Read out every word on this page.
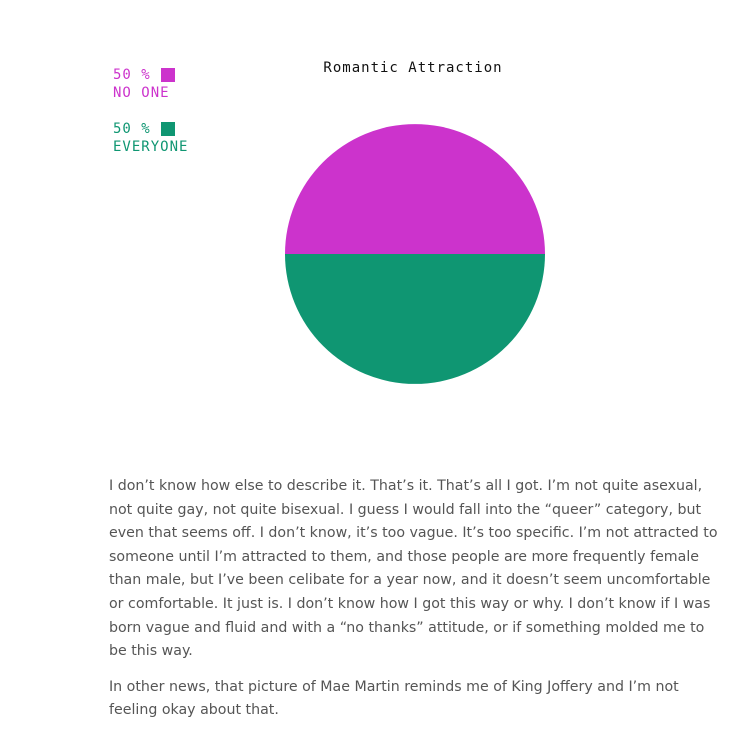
Romantic Attraction
50 %
NO ONE
50 %
EVERYONE

I don’t know how else to describe it. That’s it. That’s all I got. I’m not quite asexual, not quite gay, not quite bisexual. I guess I would fall into the “queer” category, but even that seems off. I don’t know, it’s too vague. It’s too specific. I’m not attracted to someone until I’m attracted to them, and those people are more frequently female than male, but I’ve been celibate for a year now, and it doesn’t seem uncomfortable or comfortable. It just is. I don’t know how I got this way or why. I don’t know if I was born vague and fluid and with a “no thanks” attitude, or if something molded me to be this way.

In other news, that picture of Mae Martin reminds me of King Joffery and I’m not feeling okay about that.
